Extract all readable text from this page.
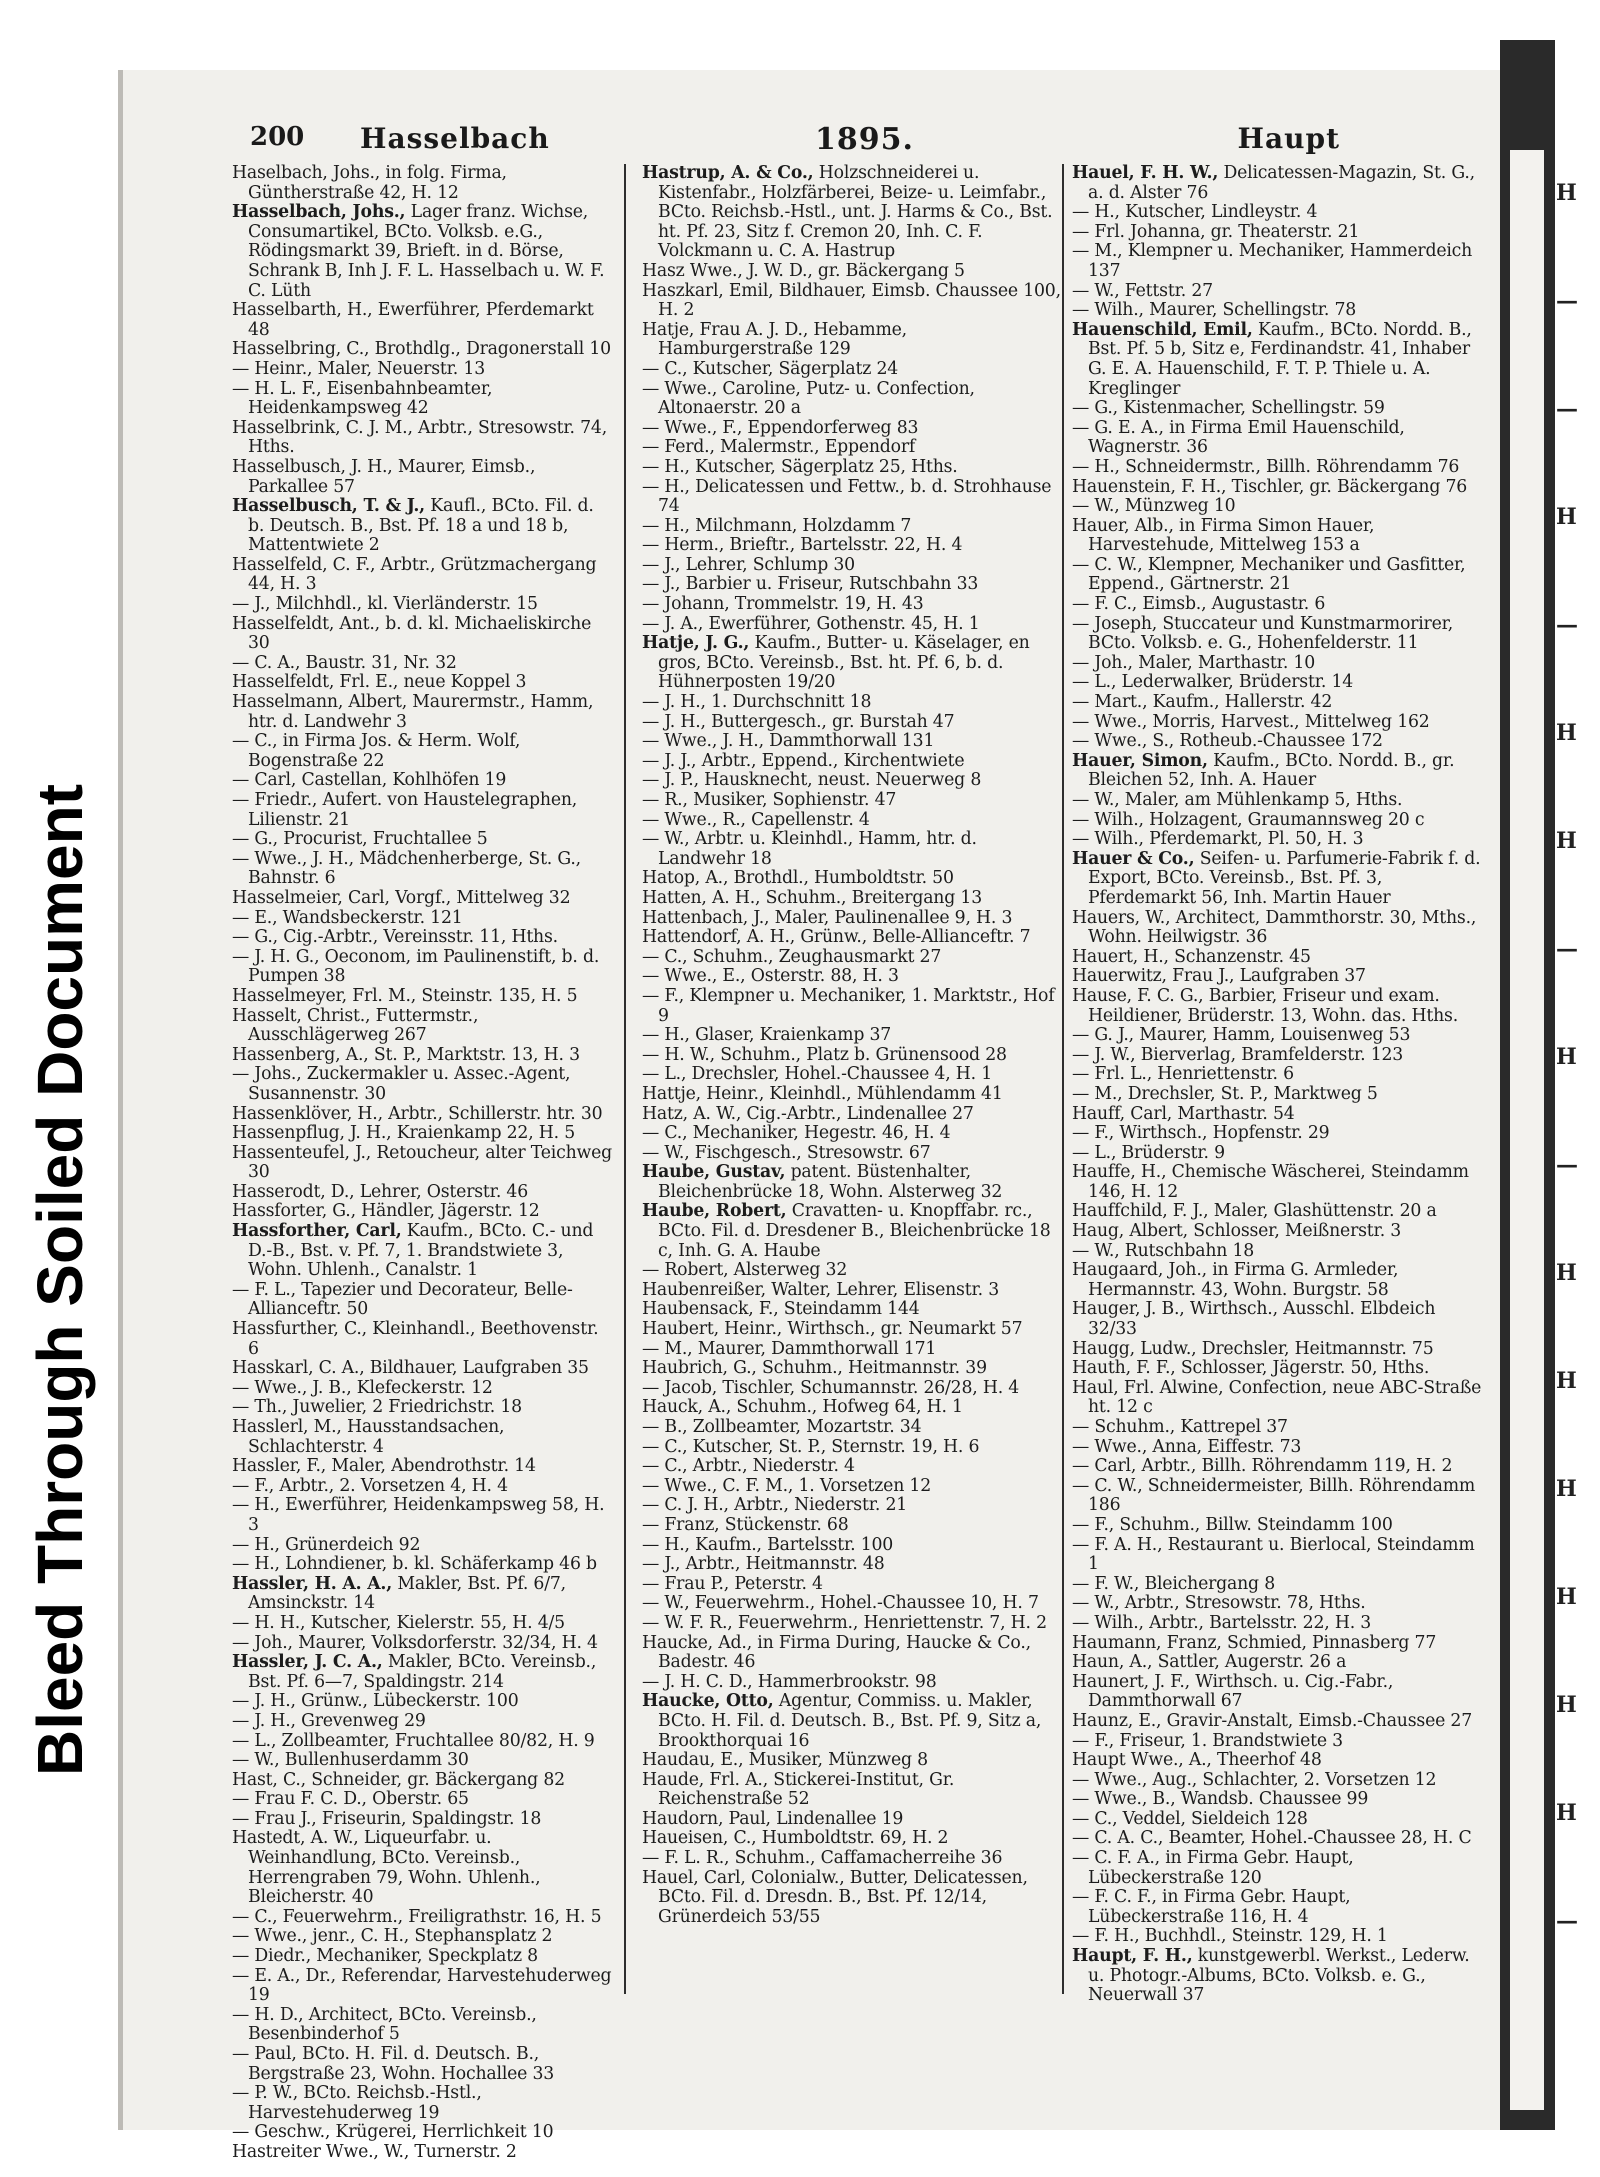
Bleed Through Soiled Document
H
—
—
H
—
H
H
—
H
—
H
H
H
H
H
H
—
200 Hasselbach	1895.	Haupt

Haselbach, Johs., in folg. Firma, Güntherstraße 42, H. 12

Hasselbach, Johs., Lager franz. Wichse, Consumartikel, BCto. Volksb. e.G., Rödingsmarkt 39, Brieft. in d. Börse, Schrank B, Inh J. F. L. Hasselbach u. W. F. C. Lüth

Hasselbarth, H., Ewerführer, Pferdemarkt 48

Hasselbring, C., Brothdlg., Dragonerstall 10

— Heinr., Maler, Neuerstr. 13

— H. L. F., Eisenbahnbeamter, Heidenkampsweg 42

Hasselbrink, C. J. M., Arbtr., Stresowstr. 74, Hths.

Hasselbusch, J. H., Maurer, Eimsb., Parkallee 57

Hasselbusch, T. & J., Kaufl., BCto. Fil. d. b. Deutsch. B., Bst. Pf. 18 a und 18 b, Mattentwiete 2

Hasselfeld, C. F., Arbtr., Grützmachergang 44, H. 3

— J., Milchhdl., kl. Vierländerstr. 15

Hasselfeldt, Ant., b. d. kl. Michaeliskirche 30

— C. A., Baustr. 31, Nr. 32

Hasselfeldt, Frl. E., neue Koppel 3

Hasselmann, Albert, Maurermstr., Hamm, htr. d. Landwehr 3

— C., in Firma Jos. & Herm. Wolf, Bogenstraße 22

— Carl, Castellan, Kohlhöfen 19

— Friedr., Aufert. von Haustelegraphen, Lilienstr. 21

— G., Procurist, Fruchtallee 5

— Wwe., J. H., Mädchenherberge, St. G., Bahnstr. 6

Hasselmeier, Carl, Vorgf., Mittelweg 32

— E., Wandsbeckerstr. 121

— G., Cig.-Arbtr., Vereinsstr. 11, Hths.

— J. H. G., Oeconom, im Paulinenstift, b. d. Pumpen 38

Hasselmeyer, Frl. M., Steinstr. 135, H. 5

Hasselt, Christ., Futtermstr., Ausschlägerweg 267

Hassenberg, A., St. P., Marktstr. 13, H. 3

— Johs., Zuckermakler u. Assec.-Agent, Susannenstr. 30

Hassenklöver, H., Arbtr., Schillerstr. htr. 30

Hassenpflug, J. H., Kraienkamp 22, H. 5

Hassenteufel, J., Retoucheur, alter Teichweg 30

Hasserodt, D., Lehrer, Osterstr. 46

Hassforter, G., Händler, Jägerstr. 12

Hassforther, Carl, Kaufm., BCto. C.- und D.-B., Bst. v. Pf. 7, 1. Brandstwiete 3, Wohn. Uhlenh., Canalstr. 1

— F. L., Tapezier und Decorateur, Belle-Allianceftr. 50

Hassfurther, C., Kleinhandl., Beethovenstr. 6

Hasskarl, C. A., Bildhauer, Laufgraben 35

— Wwe., J. B., Klefeckerstr. 12

— Th., Juwelier, 2 Friedrichstr. 18

Hasslerl, M., Hausstandsachen, Schlachterstr. 4

Hassler, F., Maler, Abendrothstr. 14

— F., Arbtr., 2. Vorsetzen 4, H. 4

— H., Ewerführer, Heidenkampsweg 58, H. 3

— H., Grünerdeich 92

— H., Lohndiener, b. kl. Schäferkamp 46 b

Hassler, H. A. A., Makler, Bst. Pf. 6/7, Amsinckstr. 14

— H. H., Kutscher, Kielerstr. 55, H. 4/5

— Joh., Maurer, Volksdorferstr. 32/34, H. 4

Hassler, J. C. A., Makler, BCto. Vereinsb., Bst. Pf. 6—7, Spaldingstr. 214

— J. H., Grünw., Lübeckerstr. 100

— J. H., Grevenweg 29

— L., Zollbeamter, Fruchtallee 80/82, H. 9

— W., Bullenhuserdamm 30

Hast, C., Schneider, gr. Bäckergang 82

— Frau F. C. D., Oberstr. 65

— Frau J., Friseurin, Spaldingstr. 18

Hastedt, A. W., Liqueurfabr. u. Weinhandlung, BCto. Vereinsb., Herrengraben 79, Wohn. Uhlenh., Bleicherstr. 40

— C., Feuerwehrm., Freiligrathstr. 16, H. 5

— Wwe., jenr., C. H., Stephansplatz 2

— Diedr., Mechaniker, Speckplatz 8

— E. A., Dr., Referendar, Harvestehuderweg 19

— H. D., Architect, BCto. Vereinsb., Besenbinderhof 5

— Paul, BCto. H. Fil. d. Deutsch. B., Bergstraße 23, Wohn. Hochallee 33

— P. W., BCto. Reichsb.-Hstl., Harvestehuderweg 19

— Geschw., Krügerei, Herrlichkeit 10

Hastreiter Wwe., W., Turnerstr. 2

Hastrup, A. & Co., Holzschneiderei u. Kistenfabr., Holzfärberei, Beize- u. Leimfabr., BCto. Reichsb.-Hstl., unt. J. Harms & Co., Bst. ht. Pf. 23, Sitz f. Cremon 20, Inh. C. F. Volckmann u. C. A. Hastrup

Hasz Wwe., J. W. D., gr. Bäckergang 5

Haszkarl, Emil, Bildhauer, Eimsb. Chaussee 100, H. 2

Hatje, Frau A. J. D., Hebamme, Hamburgerstraße 129

— C., Kutscher, Sägerplatz 24

— Wwe., Caroline, Putz- u. Confection, Altonaerstr. 20 a

— Wwe., F., Eppendorferweg 83

— Ferd., Malermstr., Eppendorf

— H., Kutscher, Sägerplatz 25, Hths.

— H., Delicatessen und Fettw., b. d. Strohhause 74

— H., Milchmann, Holzdamm 7

— Herm., Brieftr., Bartelsstr. 22, H. 4

— J., Lehrer, Schlump 30

— J., Barbier u. Friseur, Rutschbahn 33

— Johann, Trommelstr. 19, H. 43

— J. A., Ewerführer, Gothenstr. 45, H. 1

Hatje, J. G., Kaufm., Butter- u. Käselager, en gros, BCto. Vereinsb., Bst. ht. Pf. 6, b. d. Hühnerposten 19/20

— J. H., 1. Durchschnitt 18

— J. H., Buttergesch., gr. Burstah 47

— Wwe., J. H., Dammthorwall 131

— J. J., Arbtr., Eppend., Kirchentwiete

— J. P., Hausknecht, neust. Neuerweg 8

— R., Musiker, Sophienstr. 47

— Wwe., R., Capellenstr. 4

— W., Arbtr. u. Kleinhdl., Hamm, htr. d. Landwehr 18

Hatop, A., Brothdl., Humboldtstr. 50

Hatten, A. H., Schuhm., Breitergang 13

Hattenbach, J., Maler, Paulinenallee 9, H. 3

Hattendorf, A. H., Grünw., Belle-Allianceftr. 7

— C., Schuhm., Zeughausmarkt 27

— Wwe., E., Osterstr. 88, H. 3

— F., Klempner u. Mechaniker, 1. Marktstr., Hof 9

— H., Glaser, Kraienkamp 37

— H. W., Schuhm., Platz b. Grünensood 28

— L., Drechsler, Hohel.-Chaussee 4, H. 1

Hattje, Heinr., Kleinhdl., Mühlendamm 41

Hatz, A. W., Cig.-Arbtr., Lindenallee 27

— C., Mechaniker, Hegestr. 46, H. 4

— W., Fischgesch., Stresowstr. 67

Haube, Gustav, patent. Büstenhalter, Bleichenbrücke 18, Wohn. Alsterweg 32

Haube, Robert, Cravatten- u. Knopffabr. rc., BCto. Fil. d. Dresdener B., Bleichenbrücke 18 c, Inh. G. A. Haube

— Robert, Alsterweg 32

Haubenreißer, Walter, Lehrer, Elisenstr. 3

Haubensack, F., Steindamm 144

Haubert, Heinr., Wirthsch., gr. Neumarkt 57

— M., Maurer, Dammthorwall 171

Haubrich, G., Schuhm., Heitmannstr. 39

— Jacob, Tischler, Schumannstr. 26/28, H. 4

Hauck, A., Schuhm., Hofweg 64, H. 1

— B., Zollbeamter, Mozartstr. 34

— C., Kutscher, St. P., Sternstr. 19, H. 6

— C., Arbtr., Niederstr. 4

— Wwe., C. F. M., 1. Vorsetzen 12

— C. J. H., Arbtr., Niederstr. 21

— Franz, Stückenstr. 68

— H., Kaufm., Bartelsstr. 100

— J., Arbtr., Heitmannstr. 48

— Frau P., Peterstr. 4

— W., Feuerwehrm., Hohel.-Chaussee 10, H. 7

— W. F. R., Feuerwehrm., Henriettenstr. 7, H. 2

Haucke, Ad., in Firma During, Haucke & Co., Badestr. 46

— J. H. C. D., Hammerbrookstr. 98

Haucke, Otto, Agentur, Commiss. u. Makler, BCto. H. Fil. d. Deutsch. B., Bst. Pf. 9, Sitz a, Brookthorquai 16

Haudau, E., Musiker, Münzweg 8

Haude, Frl. A., Stickerei-Institut, Gr. Reichenstraße 52

Haudorn, Paul, Lindenallee 19

Haueisen, C., Humboldtstr. 69, H. 2

— F. L. R., Schuhm., Caffamacherreihe 36

Hauel, Carl, Colonialw., Butter, Delicatessen, BCto. Fil. d. Dresdn. B., Bst. Pf. 12/14, Grünerdeich 53/55

Hauel, F. H. W., Delicatessen-Magazin, St. G., a. d. Alster 76

— H., Kutscher, Lindleystr. 4

— Frl. Johanna, gr. Theaterstr. 21

— M., Klempner u. Mechaniker, Hammerdeich 137

— W., Fettstr. 27

— Wilh., Maurer, Schellingstr. 78

Hauenschild, Emil, Kaufm., BCto. Nordd. B., Bst. Pf. 5 b, Sitz e, Ferdinandstr. 41, Inhaber G. E. A. Hauenschild, F. T. P. Thiele u. A. Kreglinger

— G., Kistenmacher, Schellingstr. 59

— G. E. A., in Firma Emil Hauenschild, Wagnerstr. 36

— H., Schneidermstr., Billh. Röhrendamm 76

Hauenstein, F. H., Tischler, gr. Bäckergang 76

— W., Münzweg 10

Hauer, Alb., in Firma Simon Hauer, Harvestehude, Mittelweg 153 a

— C. W., Klempner, Mechaniker und Gasfitter, Eppend., Gärtnerstr. 21

— F. C., Eimsb., Augustastr. 6

— Joseph, Stuccateur und Kunstmarmorirer, BCto. Volksb. e. G., Hohenfelderstr. 11

— Joh., Maler, Marthastr. 10

— L., Lederwalker, Brüderstr. 14

— Mart., Kaufm., Hallerstr. 42

— Wwe., Morris, Harvest., Mittelweg 162

— Wwe., S., Rotheub.-Chaussee 172

Hauer, Simon, Kaufm., BCto. Nordd. B., gr. Bleichen 52, Inh. A. Hauer

— W., Maler, am Mühlenkamp 5, Hths.

— Wilh., Holzagent, Graumannsweg 20 c

— Wilh., Pferdemarkt, Pl. 50, H. 3

Hauer & Co., Seifen- u. Parfumerie-Fabrik f. d. Export, BCto. Vereinsb., Bst. Pf. 3, Pferdemarkt 56, Inh. Martin Hauer

Hauers, W., Architect, Dammthorstr. 30, Mths., Wohn. Heilwigstr. 36

Hauert, H., Schanzenstr. 45

Hauerwitz, Frau J., Laufgraben 37

Hause, F. C. G., Barbier, Friseur und exam. Heildiener, Brüderstr. 13, Wohn. das. Hths.

— G. J., Maurer, Hamm, Louisenweg 53

— J. W., Bierverlag, Bramfelderstr. 123

— Frl. L., Henriettenstr. 6

— M., Drechsler, St. P., Marktweg 5

Hauff, Carl, Marthastr. 54

— F., Wirthsch., Hopfenstr. 29

— L., Brüderstr. 9

Hauffe, H., Chemische Wäscherei, Steindamm 146, H. 12

Hauffchild, F. J., Maler, Glashüttenstr. 20 a

Haug, Albert, Schlosser, Meißnerstr. 3

— W., Rutschbahn 18

Haugaard, Joh., in Firma G. Armleder, Hermannstr. 43, Wohn. Burgstr. 58

Hauger, J. B., Wirthsch., Ausschl. Elbdeich 32/33

Haugg, Ludw., Drechsler, Heitmannstr. 75

Hauth, F. F., Schlosser, Jägerstr. 50, Hths.

Haul, Frl. Alwine, Confection, neue ABC-Straße ht. 12 c

— Schuhm., Kattrepel 37

— Wwe., Anna, Eiffestr. 73

— Carl, Arbtr., Billh. Röhrendamm 119, H. 2

— C. W., Schneidermeister, Billh. Röhrendamm 186

— F., Schuhm., Billw. Steindamm 100

— F. A. H., Restaurant u. Bierlocal, Steindamm 1

— F. W., Bleichergang 8

— W., Arbtr., Stresowstr. 78, Hths.

— Wilh., Arbtr., Bartelsstr. 22, H. 3

Haumann, Franz, Schmied, Pinnasberg 77

Haun, A., Sattler, Augerstr. 26 a

Haunert, J. F., Wirthsch. u. Cig.-Fabr., Dammthorwall 67

Haunz, E., Gravir-Anstalt, Eimsb.-Chaussee 27

— F., Friseur, 1. Brandstwiete 3

Haupt Wwe., A., Theerhof 48

— Wwe., Aug., Schlachter, 2. Vorsetzen 12

— Wwe., B., Wandsb. Chaussee 99

— C., Veddel, Sieldeich 128

— C. A. C., Beamter, Hohel.-Chaussee 28, H. C

— C. F. A., in Firma Gebr. Haupt, Lübeckerstraße 120

— F. C. F., in Firma Gebr. Haupt, Lübeckerstraße 116, H. 4

— F. H., Buchhdl., Steinstr. 129, H. 1

Haupt, F. H., kunstgewerbl. Werkst., Lederw. u. Photogr.-Albums, BCto. Volksb. e. G., Neuerwall 37
